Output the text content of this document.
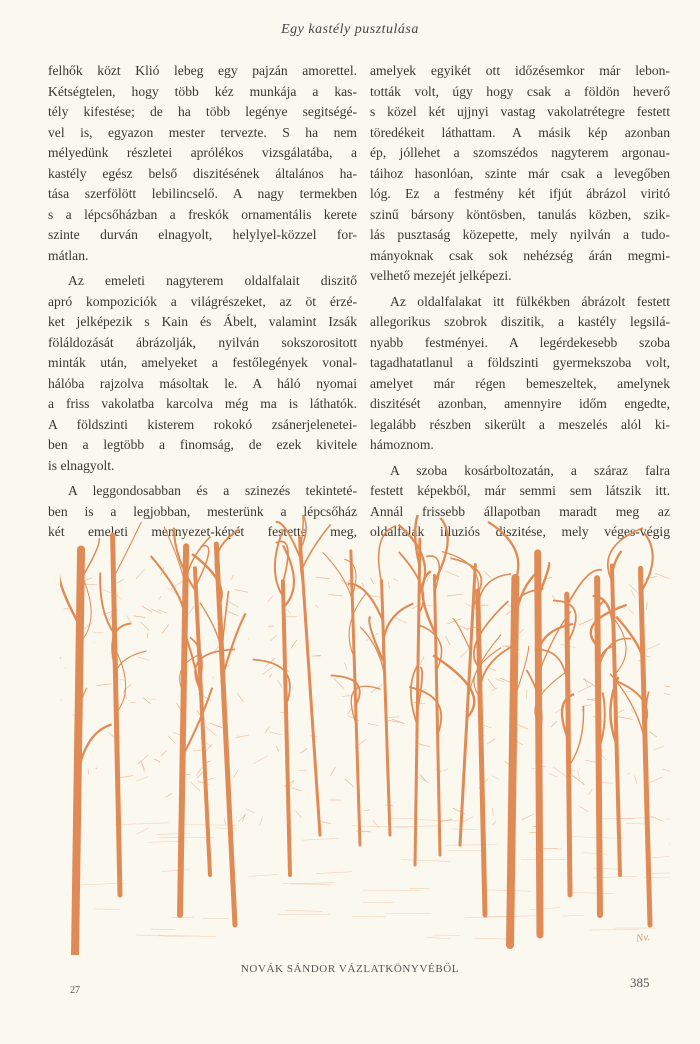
Egy kastély pusztulása
felhők közt Klió lebeg egy pajzán amorettel.
Kétségtelen, hogy több kéz munkája a kas-
tély kifestése; de ha több legénye segitségé-
vel is, egyazon mester tervezte. S ha nem
mélyedünk részletei aprólékos vizsgálatába, a
kastély egész belső diszitésének általános ha-
tása szerfölött lebilincselő. A nagy termekben
s a lépcsőházban a freskók ornamentális kerete
szinte durván elnagyolt, helylyel-közzel for-
mátlan.
Az emeleti nagyterem oldalfalait diszitő
apró kompoziciók a világrészeket, az öt érzé-
ket jelképezik s Kain és Ábelt, valamint Izsák
föláldozását ábrázolják, nyilván sokszorositott
minták után, amelyeket a festőlegények vonal-
hálóba rajzolva másoltak le. A háló nyomai
a friss vakolatba karcolva még ma is láthatók.
A földszinti kisterem rokokó zsánerjelenetei-
ben a legtöbb a finomság, de ezek kivitele
is elnagyolt.
A leggondosabban és a szinezés tekinteté-
ben is a legjobban, mesterünk a lépcsőház
két emeleti mennyezet-képét festette meg,
amelyek egyikét ott időzésemkor már lebon-
tották volt, úgy hogy csak a földön heverő
s közel két ujjnyi vastag vakolatrétegre festett
töredékeit láthattam. A másik kép azonban
ép, jóllehet a szomszédos nagyterem argonau-
táihoz hasonlóan, szinte már csak a levegőben
lóg. Ez a festmény két ifjút ábrázol viritó
szinű bársony köntösben, tanulás közben, szik-
lás pusztaság közepette, mely nyilván a tudo-
mányoknak csak sok nehézség árán megmi-
velhető mezejét jelképezi.
Az oldalfalakat itt fülkékben ábrázolt festett
allegorikus szobrok diszitik, a kastély legsilá-
nyabb festményei. A legérdekesebb szoba
tagadhatatlanul a földszinti gyermekszoba volt,
amelyet már régen bemeszeltek, amelynek
diszitését azonban, amennyire időm engedte,
legalább részben sikerült a meszelés alól ki-
hámoznom.
A szoba kosárboltozatán, a száraz falra
festett képekből, már semmi sem látszik itt.
Annál frissebb állapotban maradt meg az
oldalfalak illuziós diszitése, mely véges-végig
Nv.
NOVÁK SÁNDOR VÁZLATKÖNYVÉBŐL
27
385
